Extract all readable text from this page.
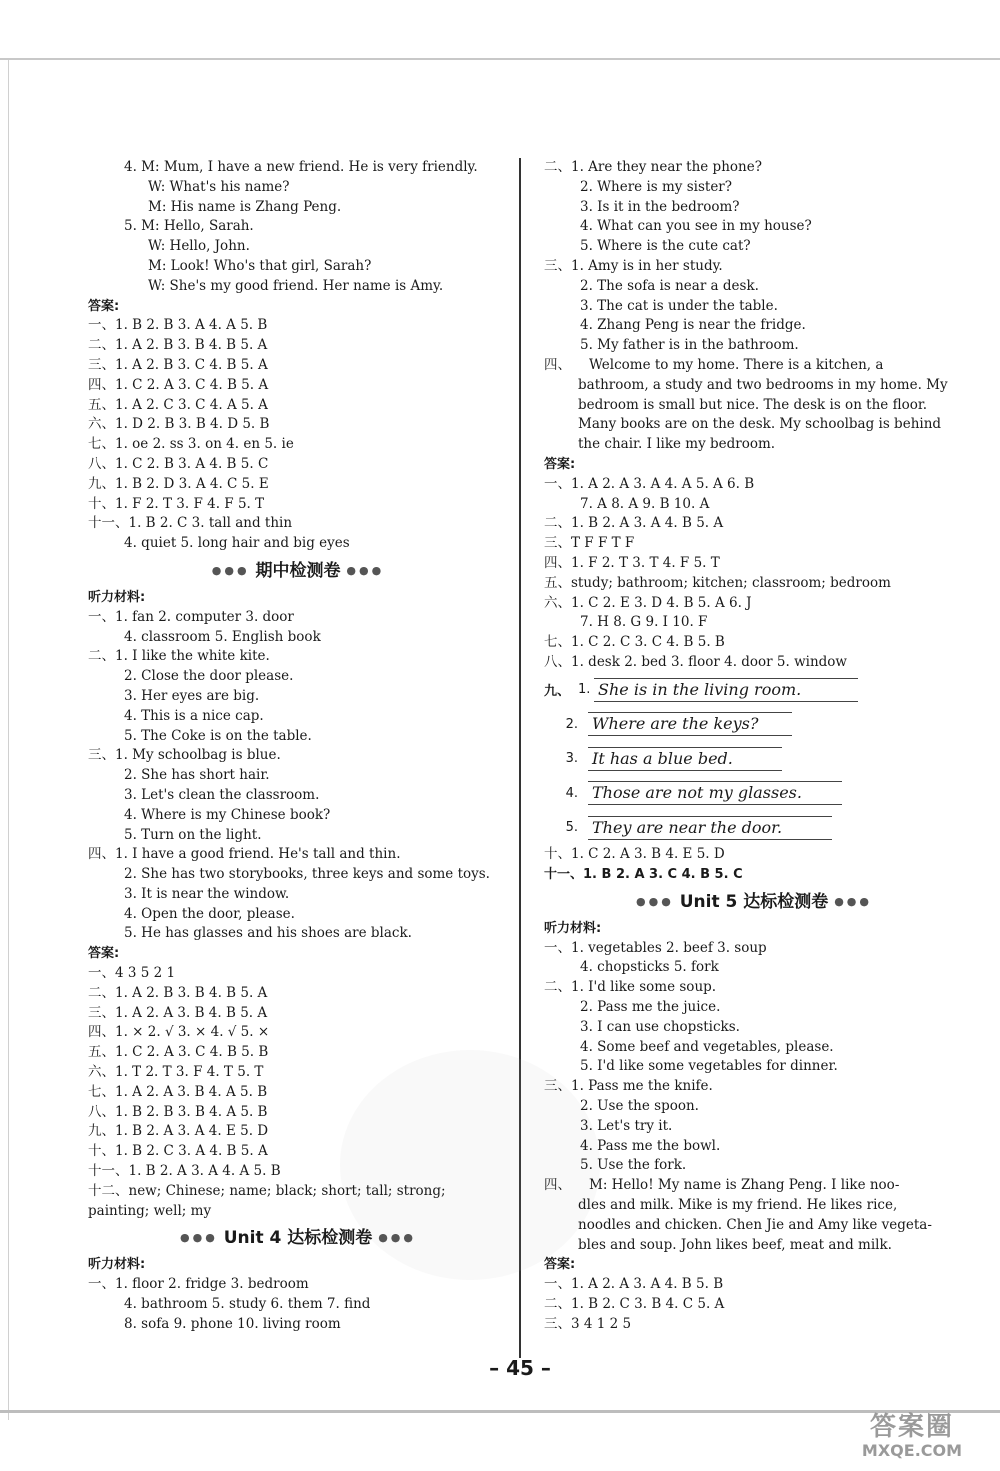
4. M: Mum, I have a new friend. He is very friendly.
W: What's his name?
M: His name is Zhang Peng.
5. M: Hello, Sarah.
W: Hello, John.
M: Look! Who's that girl, Sarah?
W: She's my good friend. Her name is Amy.
答案:
一、1. B 2. B 3. A 4. A 5. B
二、1. A 2. B 3. B 4. B 5. A
三、1. A 2. B 3. C 4. B 5. A
四、1. C 2. A 3. C 4. B 5. A
五、1. A 2. C 3. C 4. A 5. A
六、1. D 2. B 3. B 4. D 5. B
七、1. oe 2. ss 3. on 4. en 5. ie
八、1. C 2. B 3. A 4. B 5. C
九、1. B 2. D 3. A 4. C 5. E
十、1. F 2. T 3. F 4. F 5. T
十一、1. B 2. C 3. tall and thin
4. quiet 5. long hair and big eyes
●●● 期中检测卷 ●●●
听力材料:
一、1. fan 2. computer 3. door
4. classroom 5. English book
二、1. I like the white kite.
2. Close the door please.
3. Her eyes are big.
4. This is a nice cap.
5. The Coke is on the table.
三、1. My schoolbag is blue.
2. She has short hair.
3. Let's clean the classroom.
4. Where is my Chinese book?
5. Turn on the light.
四、1. I have a good friend. He's tall and thin.
2. She has two storybooks, three keys and some toys.
3. It is near the window.
4. Open the door, please.
5. He has glasses and his shoes are black.
答案:
一、4 3 5 2 1
二、1. A 2. B 3. B 4. B 5. A
三、1. A 2. A 3. B 4. B 5. A
四、1. × 2. √ 3. × 4. √ 5. ×
五、1. C 2. A 3. C 4. B 5. B
六、1. T 2. T 3. F 4. T 5. T
七、1. A 2. A 3. B 4. A 5. B
八、1. B 2. B 3. B 4. A 5. B
九、1. B 2. A 3. A 4. E 5. D
十、1. B 2. C 3. A 4. B 5. A
十一、1. B 2. A 3. A 4. A 5. B
十二、new; Chinese; name; black; short; tall; strong;
painting; well; my
●●● Unit 4 达标检测卷 ●●●
听力材料:
一、1. floor 2. fridge 3. bedroom
4. bathroom 5. study 6. them 7. find
8. sofa 9. phone 10. living room
二、1. Are they near the phone?
2. Where is my sister?
3. Is it in the bedroom?
4. What can you see in my house?
5. Where is the cute cat?
三、1. Amy is in her study.
2. The sofa is near a desk.
3. The cat is under the table.
4. Zhang Peng is near the fridge.
5. My father is in the bathroom.
四、 Welcome to my home. There is a kitchen, a
bathroom, a study and two bedrooms in my home. My
bedroom is small but nice. The desk is on the floor.
Many books are on the desk. My schoolbag is behind
the chair. I like my bedroom.
答案:
一、1. A 2. A 3. A 4. A 5. A 6. B
7. A 8. A 9. B 10. A
二、1. B 2. A 3. A 4. B 5. A
三、T F F T F
四、1. F 2. T 3. T 4. F 5. T
五、study; bathroom; kitchen; classroom; bedroom
六、1. C 2. E 3. D 4. B 5. A 6. J
7. H 8. G 9. I 10. F
七、1. C 2. C 3. C 4. B 5. B
八、1. desk 2. bed 3. floor 4. door 5. window
九、 1. She is in the living room.
2. Where are the keys?
3. It has a blue bed.
4. Those are not my glasses.
5. They are near the door.
十、1. C 2. A 3. B 4. E 5. D
十一、1. B 2. A 3. C 4. B 5. C
●●● Unit 5 达标检测卷 ●●●
听力材料:
一、1. vegetables 2. beef 3. soup
4. chopsticks 5. fork
二、1. I'd like some soup.
2. Pass me the juice.
3. I can use chopsticks.
4. Some beef and vegetables, please.
5. I'd like some vegetables for dinner.
三、1. Pass me the knife.
2. Use the spoon.
3. Let's try it.
4. Pass me the bowl.
5. Use the fork.
四、 M: Hello! My name is Zhang Peng. I like noo-
dles and milk. Mike is my friend. He likes rice,
noodles and chicken. Chen Jie and Amy like vegeta-
bles and soup. John likes beef, meat and milk.
答案:
一、1. A 2. A 3. A 4. B 5. B
二、1. B 2. C 3. B 4. C 5. A
三、3 4 1 2 5
– 45 –
答案圈
MXQE.COM
